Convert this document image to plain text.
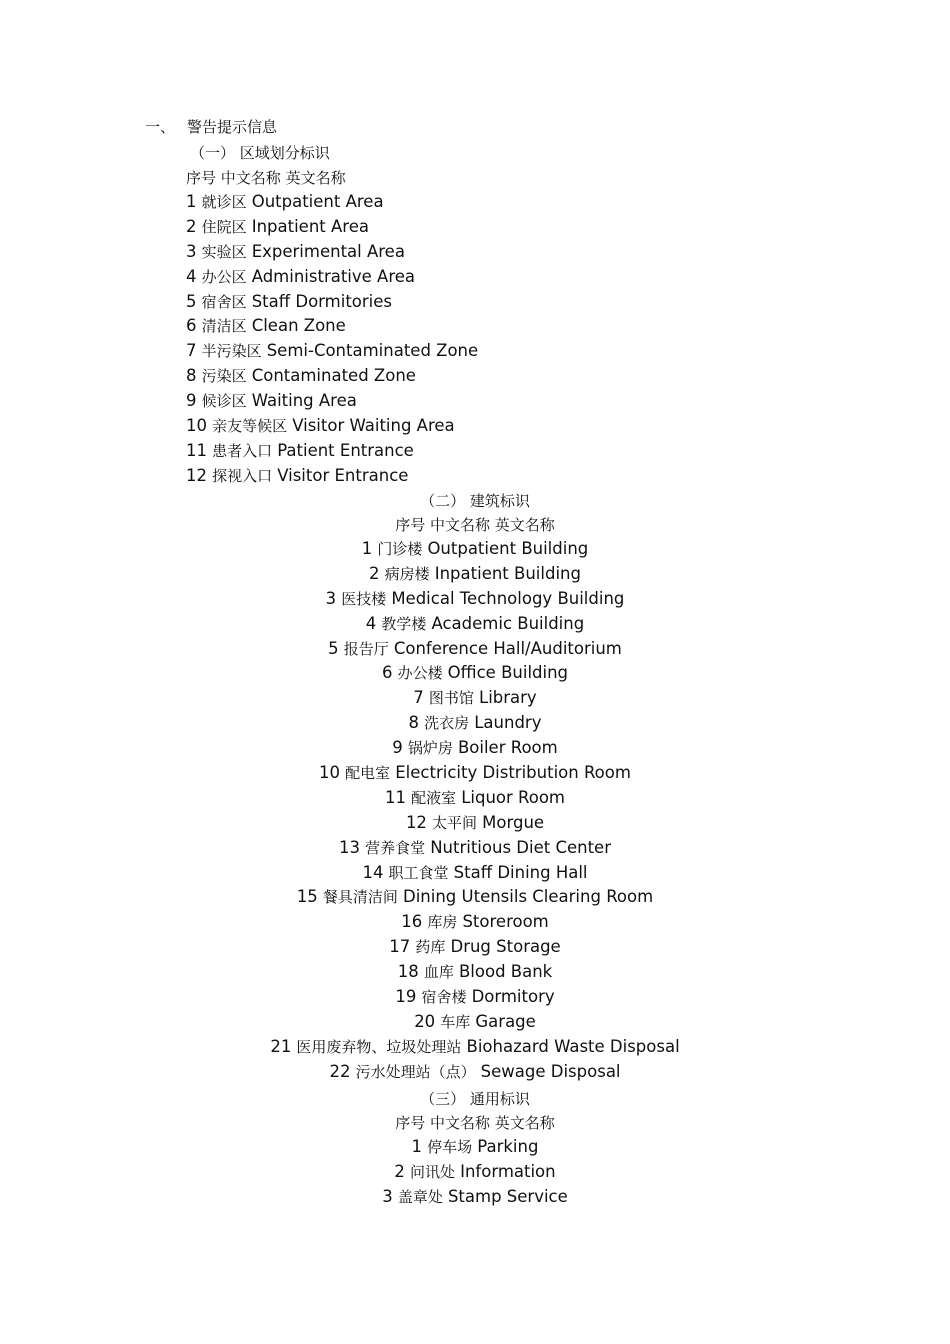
一、 警告提示信息
（一） 区域划分标识
序号 中文名称 英文名称
1 就诊区 Outpatient Area
2 住院区 Inpatient Area
3 实验区 Experimental Area
4 办公区 Administrative Area
5 宿舍区 Staff Dormitories
6 清洁区 Clean Zone
7 半污染区 Semi-Contaminated Zone
8 污染区 Contaminated Zone
9 候诊区 Waiting Area
10 亲友等候区 Visitor Waiting Area
11 患者入口 Patient Entrance
12 探视入口 Visitor Entrance
（二） 建筑标识
序号 中文名称 英文名称
1 门诊楼 Outpatient Building
2 病房楼 Inpatient Building
3 医技楼 Medical Technology Building
4 教学楼 Academic Building
5 报告厅 Conference Hall/Auditorium
6 办公楼 Office Building
7 图书馆 Library
8 洗衣房 Laundry
9 锅炉房 Boiler Room
10 配电室 Electricity Distribution Room
11 配液室 Liquor Room
12 太平间 Morgue
13 营养食堂 Nutritious Diet Center
14 职工食堂 Staff Dining Hall
15 餐具清洁间 Dining Utensils Clearing Room
16 库房 Storeroom
17 药库 Drug Storage
18 血库 Blood Bank
19 宿舍楼 Dormitory
20 车库 Garage
21 医用废弃物、垃圾处理站 Biohazard Waste Disposal
22 污水处理站（点） Sewage Disposal
（三） 通用标识
序号 中文名称 英文名称
1 停车场 Parking
2 问讯处 Information
3 盖章处 Stamp Service
